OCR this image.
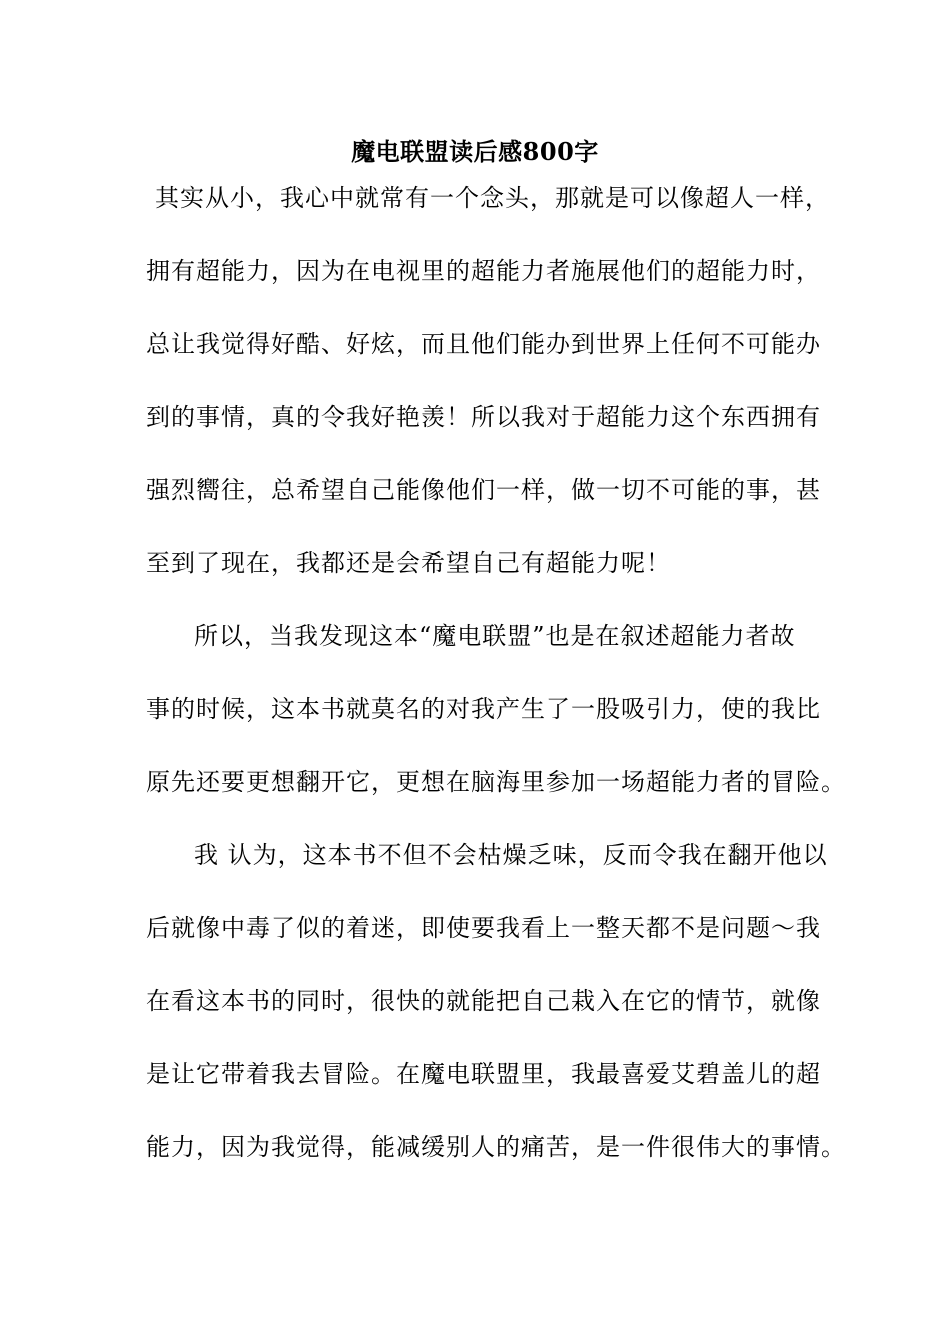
魔电联盟读后感800字
其实从小，我心中就常有一个念头，那就是可以像超人一样，
拥有超能力，因为在电视里的超能力者施展他们的超能力时，
总让我觉得好酷、好炫，而且他们能办到世界上任何不可能办
到的事情，真的令我好艳羡！所以我对于超能力这个东西拥有
强烈嚮往，总希望自己能像他们一样，做一切不可能的事，甚
至到了现在，我都还是会希望自己有超能力呢！
所以，当我发现这本“魔电联盟”也是在叙述超能力者故
事的时候，这本书就莫名的对我产生了一股吸引力，使的我比
原先还要更想翻开它，更想在脑海里参加一场超能力者的冒险。
我 认为，这本书不但不会枯燥乏味，反而令我在翻开他以
后就像中毒了似的着迷，即使要我看上一整天都不是问题～我
在看这本书的同时，很快的就能把自己栽入在它的情节，就像
是让它带着我去冒险。在魔电联盟里，我最喜爱艾碧盖儿的超
能力，因为我觉得，能减缓别人的痛苦，是一件很伟大的事情。
